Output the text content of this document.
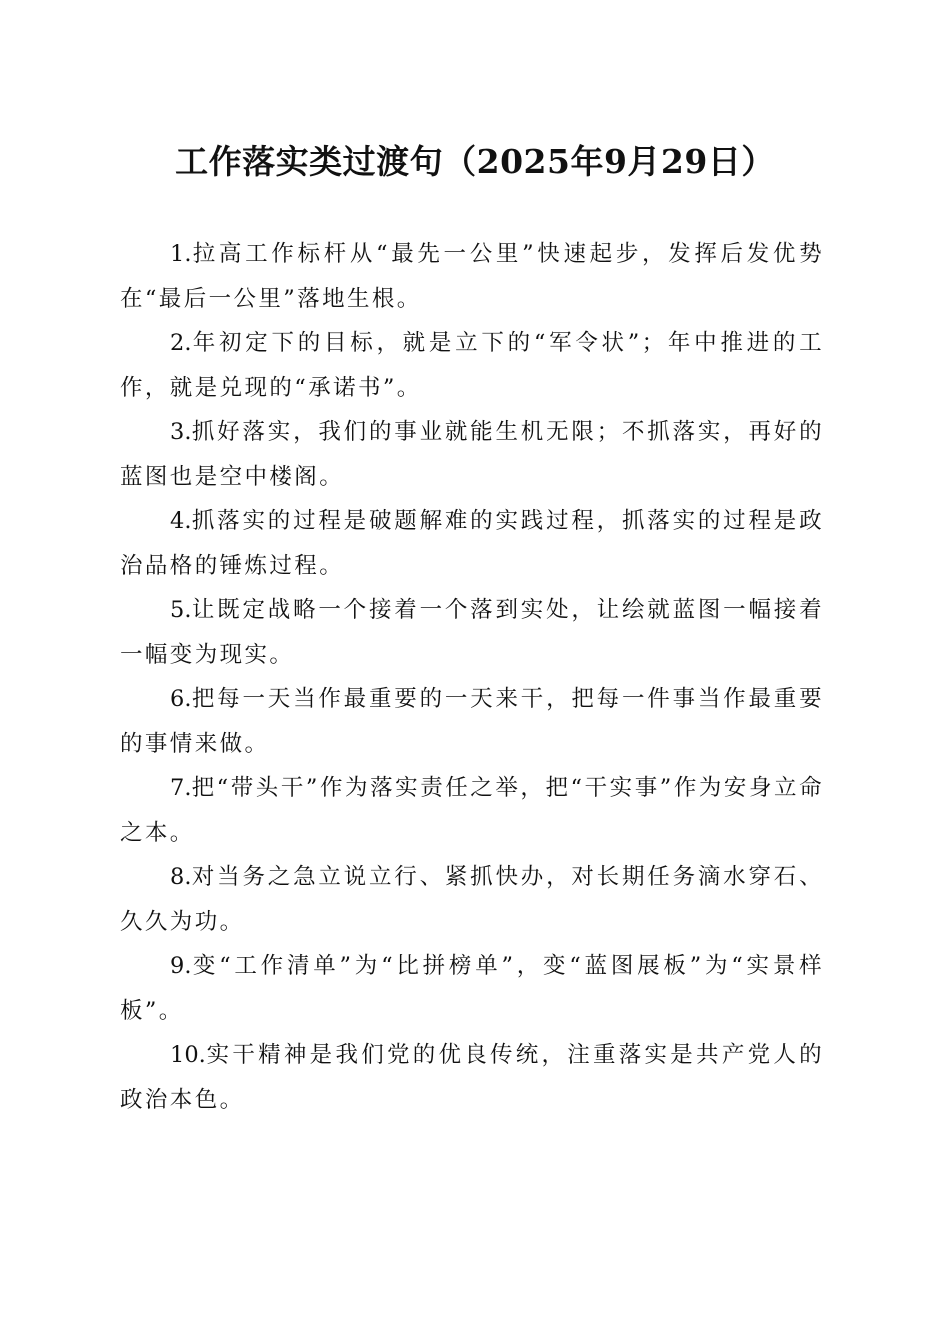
工作落实类过渡句（2025年9月29日）

1.拉高工作标杆从“最先一公里”快速起步，发挥后发优势在“最后一公里”落地生根。

2.年初定下的目标，就是立下的“军令状”；年中推进的工作，就是兑现的“承诺书”。

3.抓好落实，我们的事业就能生机无限；不抓落实，再好的蓝图也是空中楼阁。

4.抓落实的过程是破题解难的实践过程，抓落实的过程是政治品格的锤炼过程。

5.让既定战略一个接着一个落到实处，让绘就蓝图一幅接着一幅变为现实。

6.把每一天当作最重要的一天来干，把每一件事当作最重要的事情来做。

7.把“带头干”作为落实责任之举，把“干实事”作为安身立命之本。

8.对当务之急立说立行、紧抓快办，对长期任务滴水穿石、久久为功。

9.变“工作清单”为“比拼榜单”，变“蓝图展板”为“实景样板”。

10.实干精神是我们党的优良传统，注重落实是共产党人的政治本色。
